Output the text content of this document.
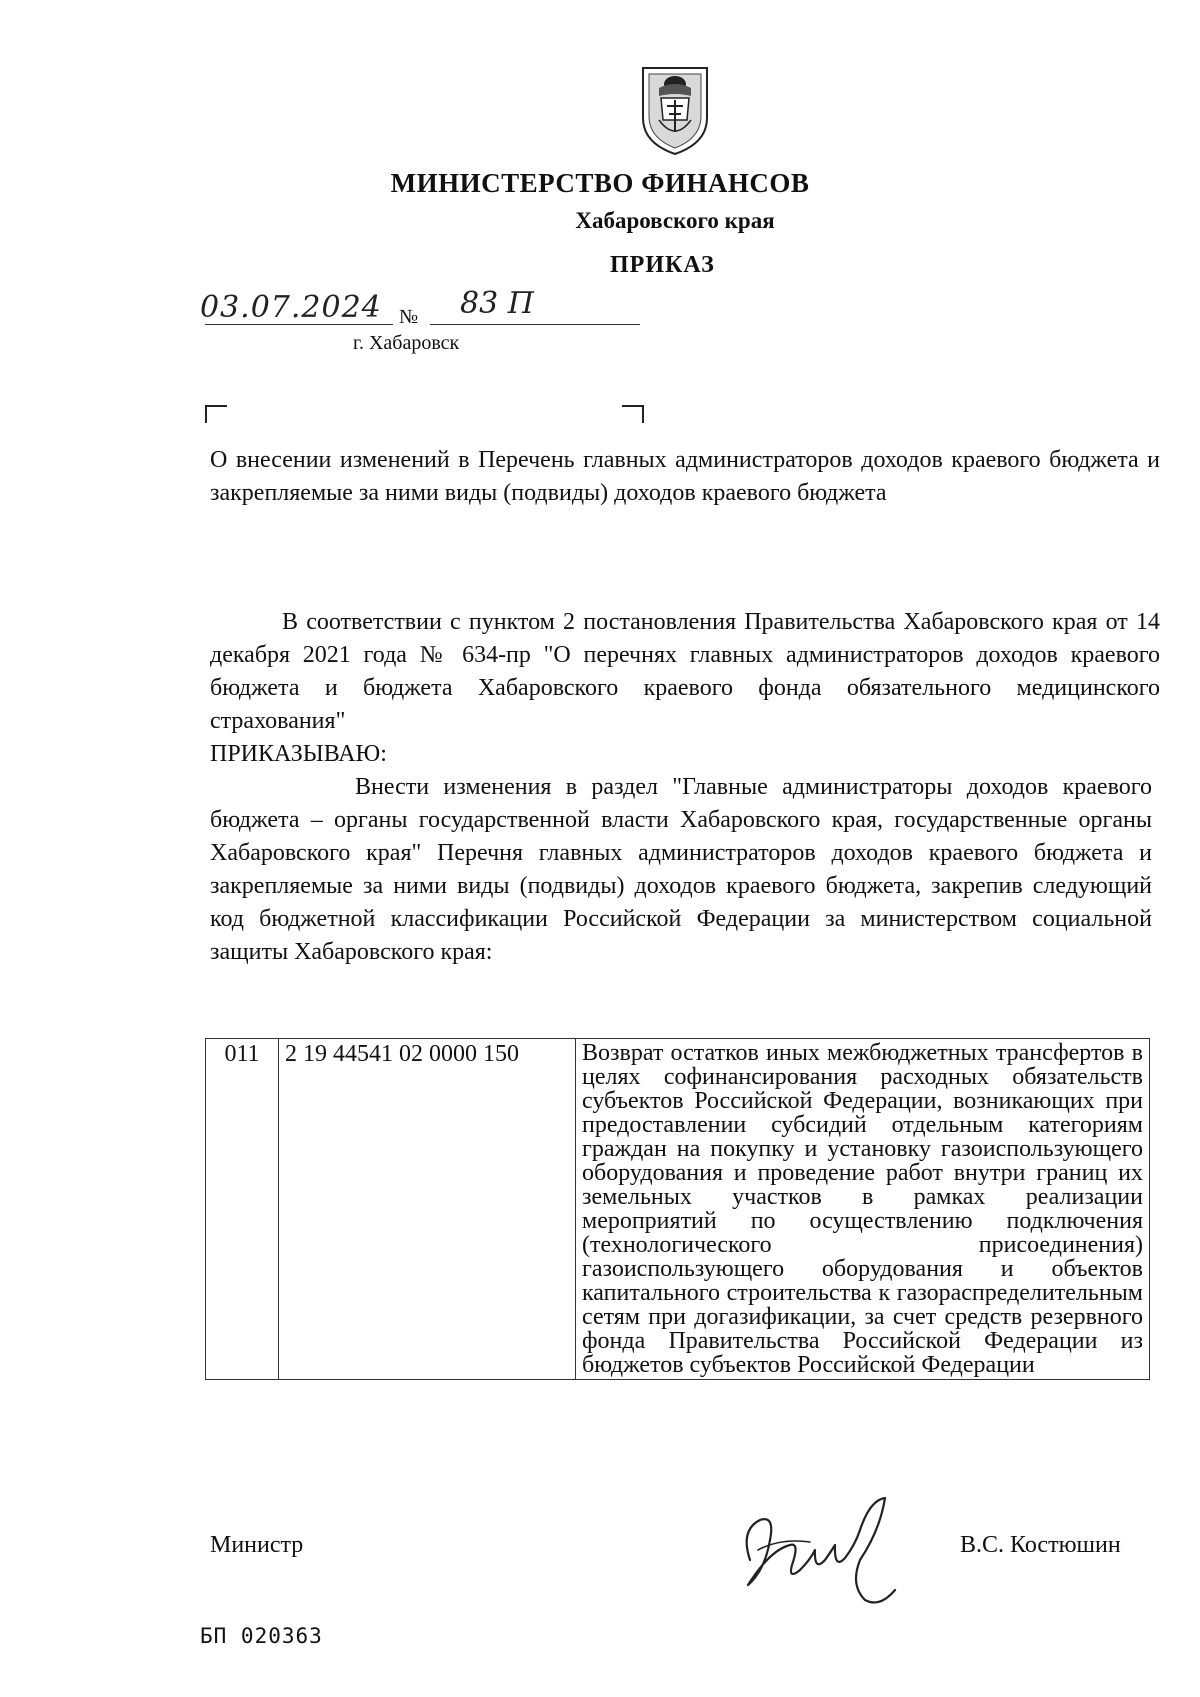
МИНИСТЕРСТВО ФИНАНСОВ
Хабаровского края
ПРИКАЗ
03.07.2024 № 83 П
г. Хабаровск
О внесении изменений в Перечень главных администраторов доходов краевого бюджета и закрепляемые за ними виды (подвиды) доходов краевого бюджета
В соответствии с пунктом 2 постановления Правительства Хабаровского края от 14 декабря 2021 года № 634-пр "О перечнях главных администраторов доходов краевого бюджета и бюджета Хабаровского краевого фонда обязательного медицинского страхования"
ПРИКАЗЫВАЮ:
Внести изменения в раздел "Главные администраторы доходов краевого бюджета – органы государственной власти Хабаровского края, государственные органы Хабаровского края" Перечня главных администраторов доходов краевого бюджета и закрепляемые за ними виды (подвиды) доходов краевого бюджета, закрепив следующий код бюджетной классификации Российской Федерации за министерством социальной защиты Хабаровского края:
011	2 19 44541 02 0000 150	Возврат остатков иных межбюджетных трансфертов в целях софинансирования расходных обязательств субъектов Российской Федерации, возникающих при предоставлении субсидий отдельным категориям граждан на покупку и установку газоиспользующего оборудования и проведение работ внутри границ их земельных участков в рамках реализации мероприятий по осуществлению подключения (технологического присоединения) газоиспользующего оборудования и объектов капитального строительства к газораспределительным сетям при догазификации, за счет средств резервного фонда Правительства Российской Федерации из бюджетов субъектов Российской Федерации
Министр	В.С. Костюшин
БП 020363
